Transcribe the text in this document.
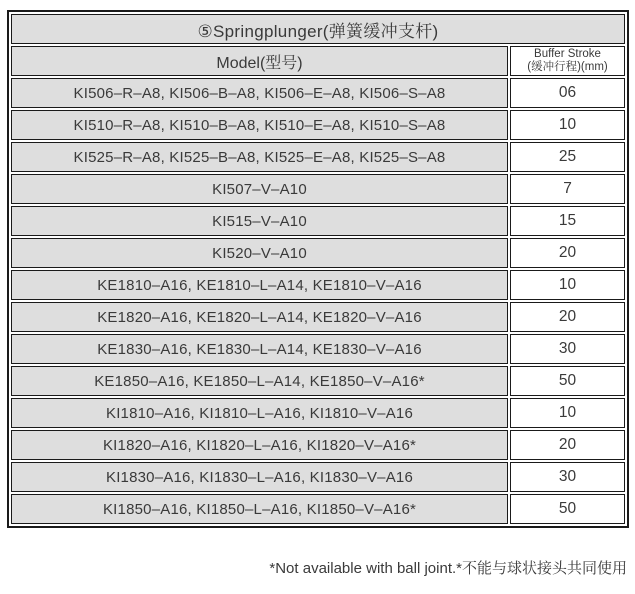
⑤Springplunger(弹簧缓冲支杆)	
Model(型号)	Buffer Stroke
(缓冲行程)(mm)

KI506–R–A8, KI506–B–A8, KI506–E–A8, KI506–S–A8	06
KI510–R–A8, KI510–B–A8, KI510–E–A8, KI510–S–A8	10
KI525–R–A8, KI525–B–A8, KI525–E–A8, KI525–S–A8	25
KI507–V–A10	7
KI515–V–A10	15
KI520–V–A10	20
KE1810–A16, KE1810–L–A14, KE1810–V–A16	10
KE1820–A16, KE1820–L–A14, KE1820–V–A16	20
KE1830–A16, KE1830–L–A14, KE1830–V–A16	30
KE1850–A16, KE1850–L–A14, KE1850–V–A16*	50
KI1810–A16, KI1810–L–A16, KI1810–V–A16	10
KI1820–A16, KI1820–L–A16, KI1820–V–A16*	20
KI1830–A16, KI1830–L–A16, KI1830–V–A16	30
KI1850–A16, KI1850–L–A16, KI1850–V–A16*	50
*Not available with ball joint.*不能与球状接头共同使用
